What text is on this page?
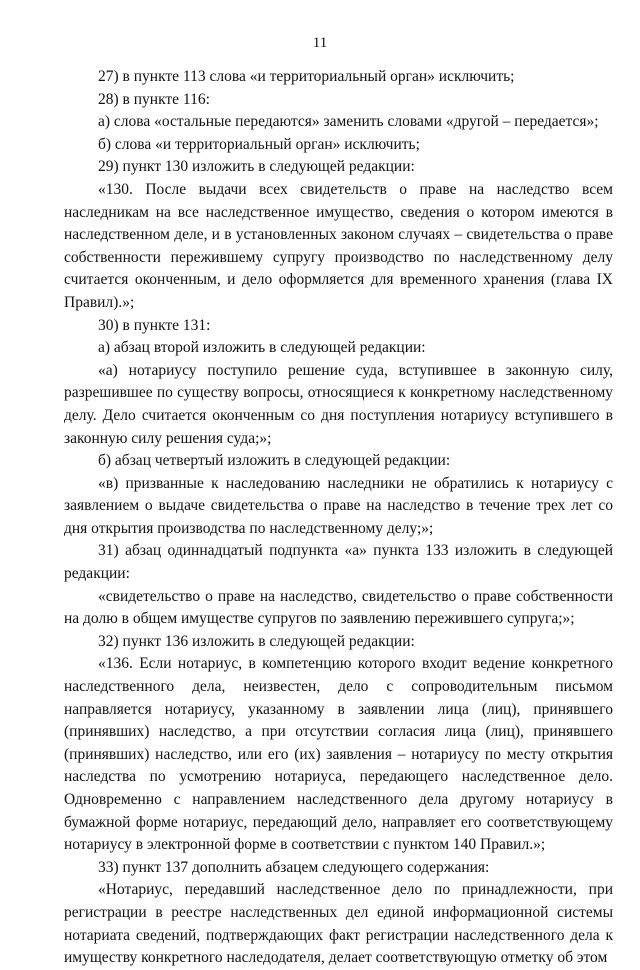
11

27) в пункте 113 слова «и территориальный орган» исключить;

28) в пункте 116:

а) слова «остальные передаются» заменить словами «другой – передается»;

б) слова «и территориальный орган» исключить;

29) пункт 130 изложить в следующей редакции:

«130. После выдачи всех свидетельств о праве на наследство всем наследникам на все наследственное имущество, сведения о котором имеются в наследственном деле, и в установленных законом случаях – свидетельства о праве собственности пережившему супругу производство по наследственному делу считается оконченным, и дело оформляется для временного хранения (глава IX Правил).»;

30) в пункте 131:

а) абзац второй изложить в следующей редакции:

«а) нотариусу поступило решение суда, вступившее в законную силу, разрешившее по существу вопросы, относящиеся к конкретному наследственному делу. Дело считается оконченным со дня поступления нотариусу вступившего в законную силу решения суда;»;

б) абзац четвертый изложить в следующей редакции:

«в) призванные к наследованию наследники не обратились к нотариусу с заявлением о выдаче свидетельства о праве на наследство в течение трех лет со дня открытия производства по наследственному делу;»;

31) абзац одиннадцатый подпункта «а» пункта 133 изложить в следующей редакции:

«свидетельство о праве на наследство, свидетельство о праве собственности на долю в общем имуществе супругов по заявлению пережившего супруга;»;

32) пункт 136 изложить в следующей редакции:

«136. Если нотариус, в компетенцию которого входит ведение конкретного наследственного дела, неизвестен, дело с сопроводительным письмом направляется нотариусу, указанному в заявлении лица (лиц), принявшего (принявших) наследство, а при отсутствии согласия лица (лиц), принявшего (принявших) наследство, или его (их) заявления – нотариусу по месту открытия наследства по усмотрению нотариуса, передающего наследственное дело. Одновременно с направлением наследственного дела другому нотариусу в бумажной форме нотариус, передающий дело, направляет его соответствующему нотариусу в электронной форме в соответствии с пунктом 140 Правил.»;

33) пункт 137 дополнить абзацем следующего содержания:

«Нотариус, передавший наследственное дело по принадлежности, при регистрации в реестре наследственных дел единой информационной системы нотариата сведений, подтверждающих факт регистрации наследственного дела к имуществу конкретного наследодателя, делает соответствующую отметку об этом
